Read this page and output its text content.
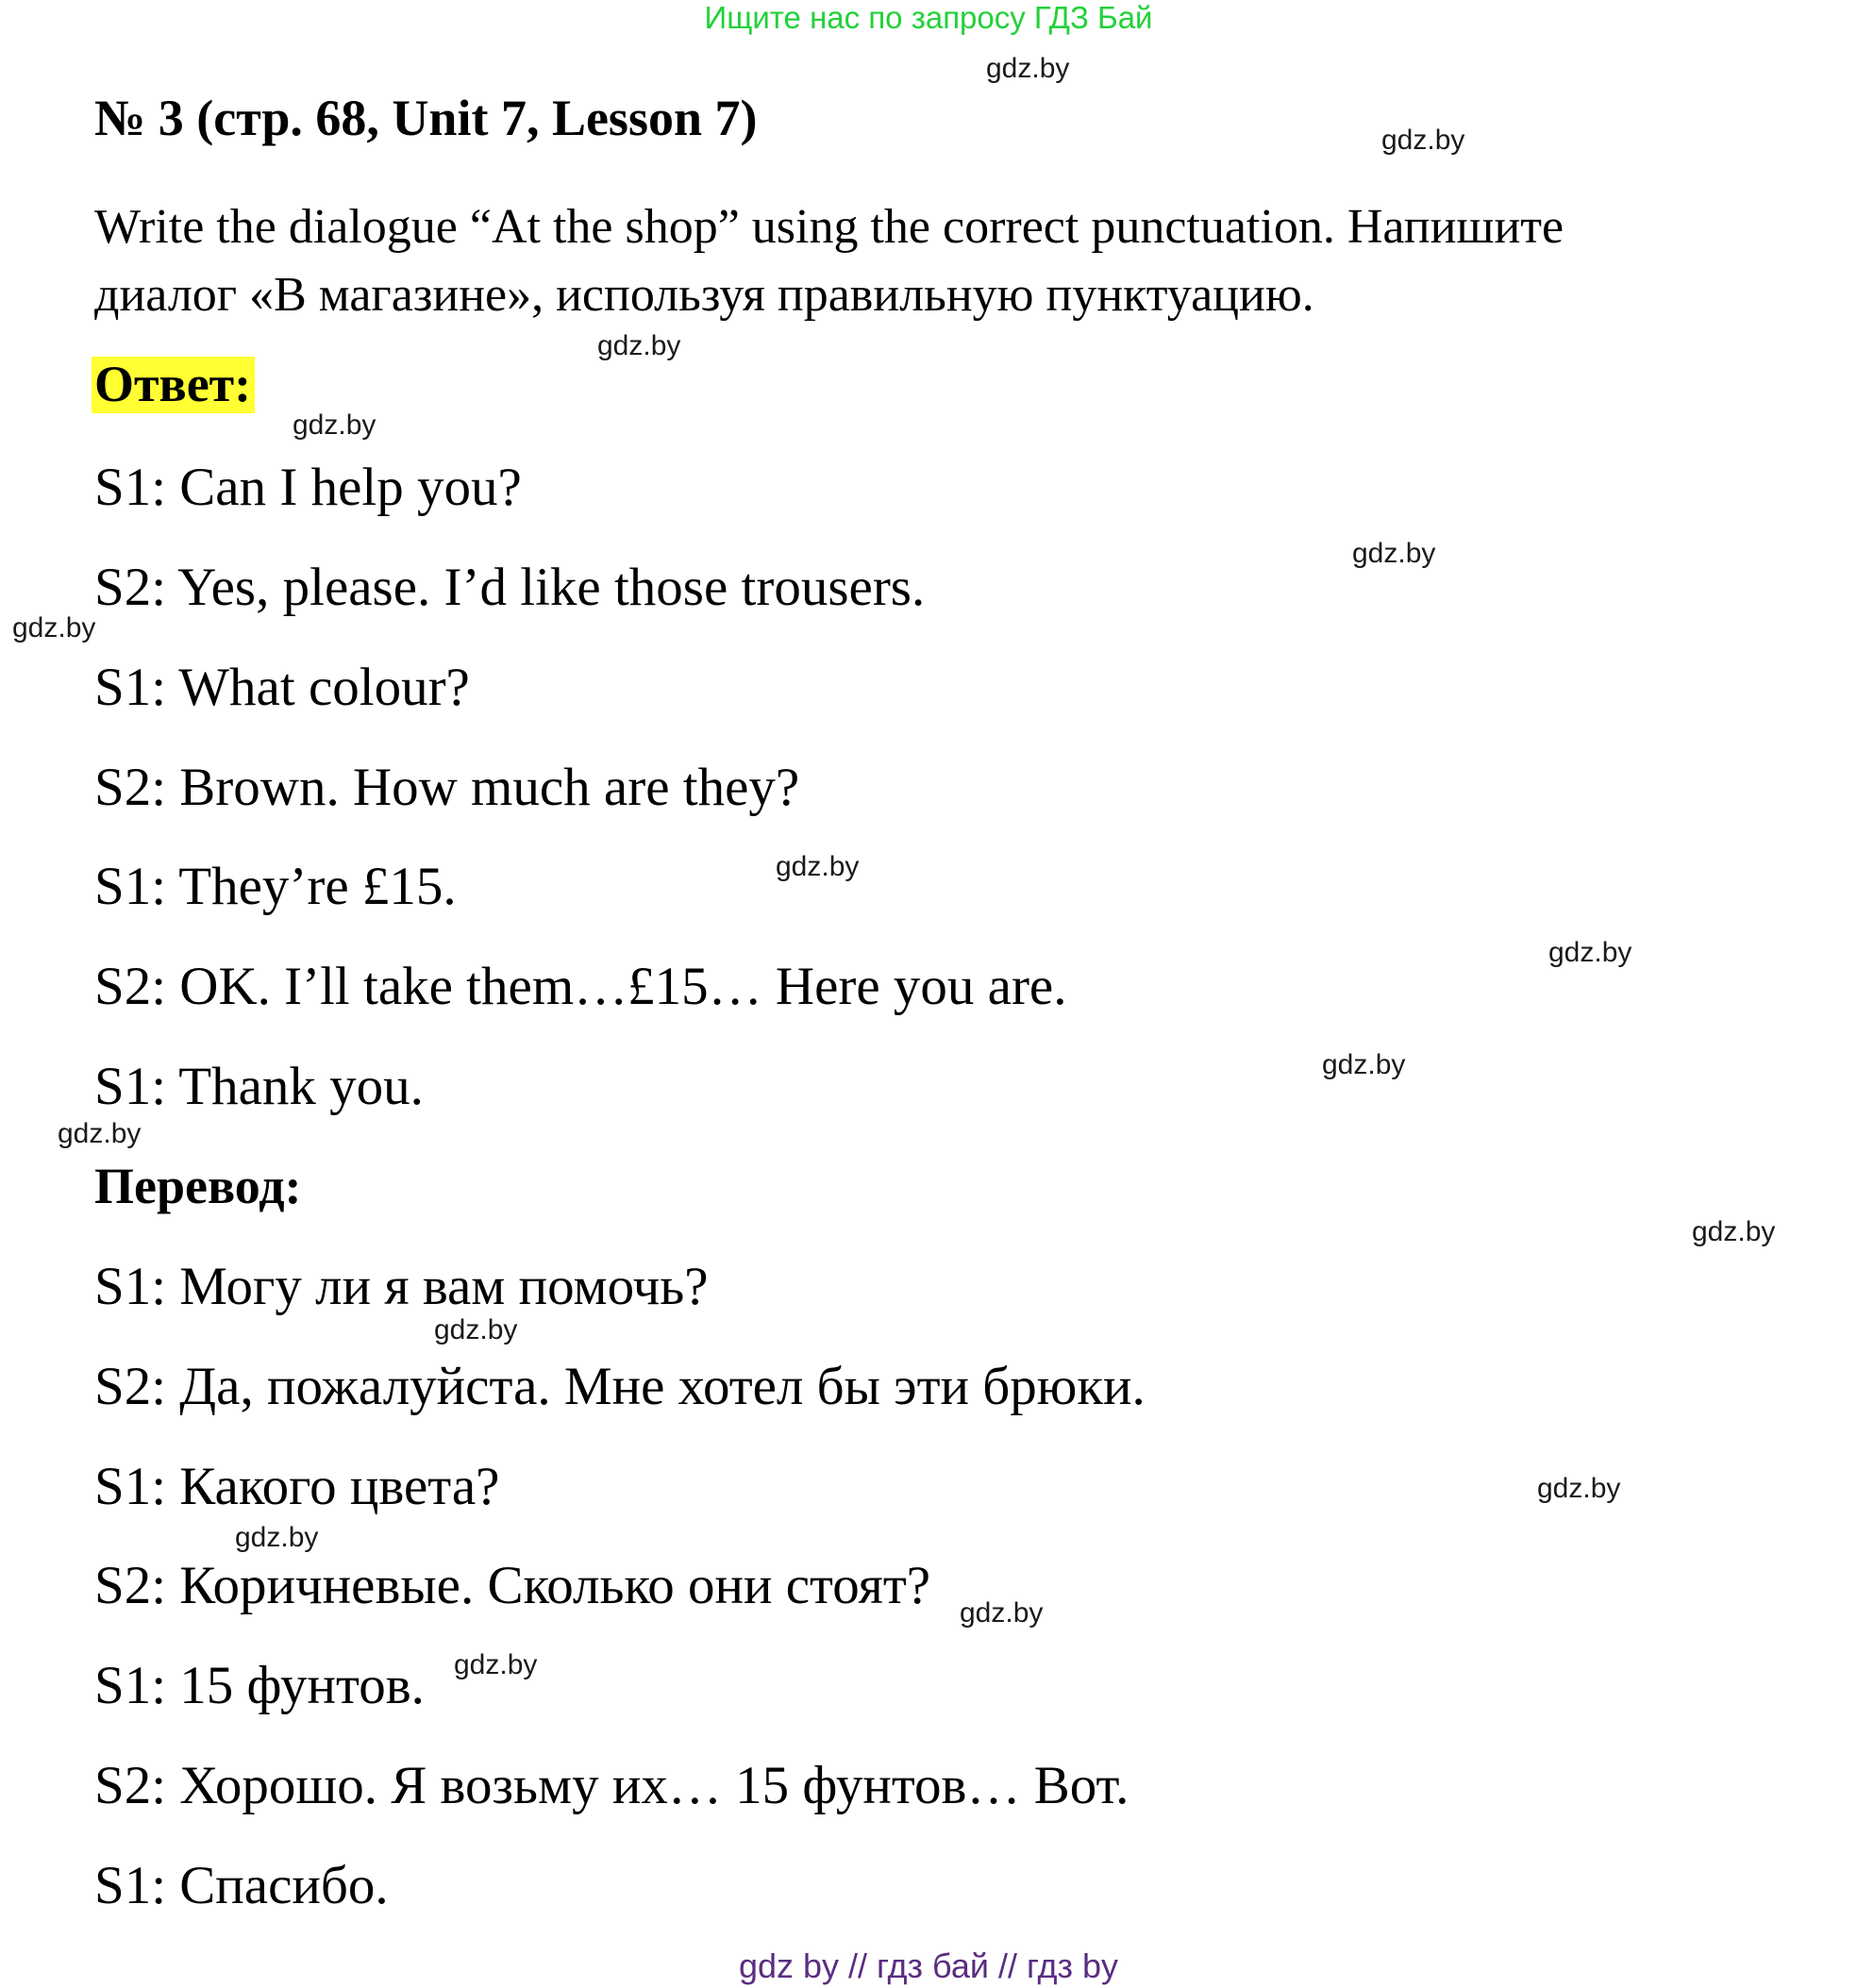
Ищите нас по запросу ГДЗ Бай
№ 3 (стр. 68, Unit 7, Lesson 7)
Write the dialogue “At the shop” using the correct punctuation. Напишите
диалог «В магазине», используя правильную пунктуацию.
Ответ:
S1: Can I help you?
S2: Yes, please. I’d like those trousers.
S1: What colour?
S2: Brown. How much are they?
S1: They’re £15.
S2: OK. I’ll take them…£15… Here you are.
S1: Thank you.
Перевод:
S1: Могу ли я вам помочь?
S2: Да, пожалуйста. Мне хотел бы эти брюки.
S1: Какого цвета?
S2: Коричневые. Сколько они стоят?
S1: 15 фунтов.
S2: Хорошо. Я возьму их… 15 фунтов… Вот.
S1: Спасибо.
gdz.by
gdz.by
gdz.by
gdz.by
gdz.by
gdz.by
gdz.by
gdz.by
gdz.by
gdz.by
gdz.by
gdz.by
gdz.by
gdz.by
gdz.by
gdz.by
gdz by // гдз бай // гдз by
